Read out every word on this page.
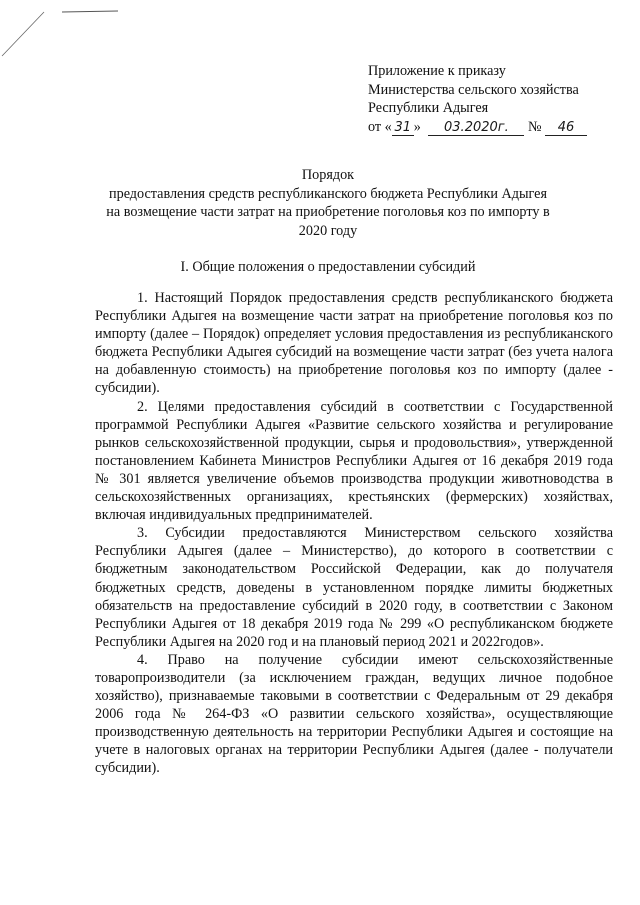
Приложение к приказу
Министерства сельского хозяйства
Республики Адыгея
от « 31 » 03.2020г. № 46
Порядок
предоставления средств республиканского бюджета Республики Адыгея
на возмещение части затрат на приобретение поголовья коз по импорту в
2020 году
I. Общие положения о предоставлении субсидий

1. Настоящий Порядок предоставления средств республиканского бюджета Республики Адыгея на возмещение части затрат на приобретение поголовья коз по импорту (далее – Порядок) определяет условия предоставления из республиканского бюджета Республики Адыгея субсидий на возмещение части затрат (без учета налога на добавленную стоимость) на приобретение поголовья коз по импорту (далее - субсидии).

2. Целями предоставления субсидий в соответствии с Государственной программой Республики Адыгея «Развитие сельского хозяйства и регулирование рынков сельскохозяйственной продукции, сырья и продовольствия», утвержденной постановлением Кабинета Министров Республики Адыгея от 16 декабря 2019 года № 301 является увеличение объемов производства продукции животноводства в сельскохозяйственных организациях, крестьянских (фермерских) хозяйствах, включая индивидуальных предпринимателей.

3. Субсидии предоставляются Министерством сельского хозяйства Республики Адыгея (далее – Министерство), до которого в соответствии с бюджетным законодательством Российской Федерации, как до получателя бюджетных средств, доведены в установленном порядке лимиты бюджетных обязательств на предоставление субсидий в 2020 году, в соответствии с Законом Республики Адыгея от 18 декабря 2019 года № 299 «О республиканском бюджете Республики Адыгея на 2020 год и на плановый период 2021 и 2022годов».

4. Право на получение субсидии имеют сельскохозяйственные товаропроизводители (за исключением граждан, ведущих личное подобное хозяйство), признаваемые таковыми в соответствии с Федеральным от 29 декабря 2006 года № 264-ФЗ «О развитии сельского хозяйства», осуществляющие производственную деятельность на территории Республики Адыгея и состоящие на учете в налоговых органах на территории Республики Адыгея (далее - получатели субсидии).
